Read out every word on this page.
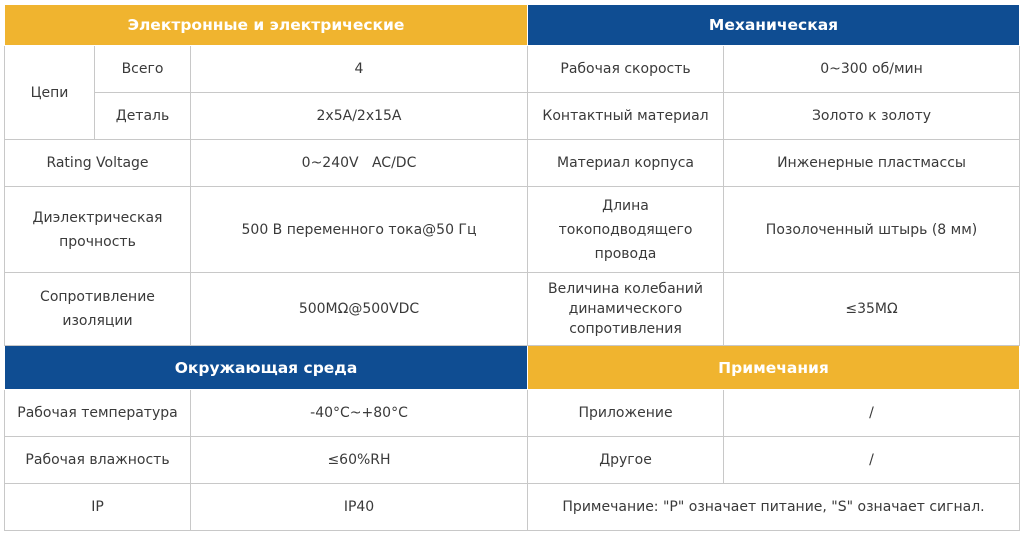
Электронные и электрические			Механическая	
Цепи	Всего	4	Рабочая скорость	0~300 об/мин
	Деталь	2x5A/2x15A	Контактный материал	Золото к золоту
Rating Voltage		0~240V   AC/DC	Материал корпуса	Инженерные пластмассы
Диэлектрическая прочность		500 В переменного тока@50 Гц	Длина токоподводящего провода	Позолоченный штырь (8 мм)
Сопротивление изоляции		500MΩ@500VDC	Величина колебаний динамического сопротивления	≤35MΩ
Окружающая среда			Примечания	
Рабочая температура		-40°C~+80°C	Приложение	/
Рабочая влажность		≤60%RH	Другое	/
IP		IP40	Примечание: "P" означает питание, "S" означает сигнал.	
